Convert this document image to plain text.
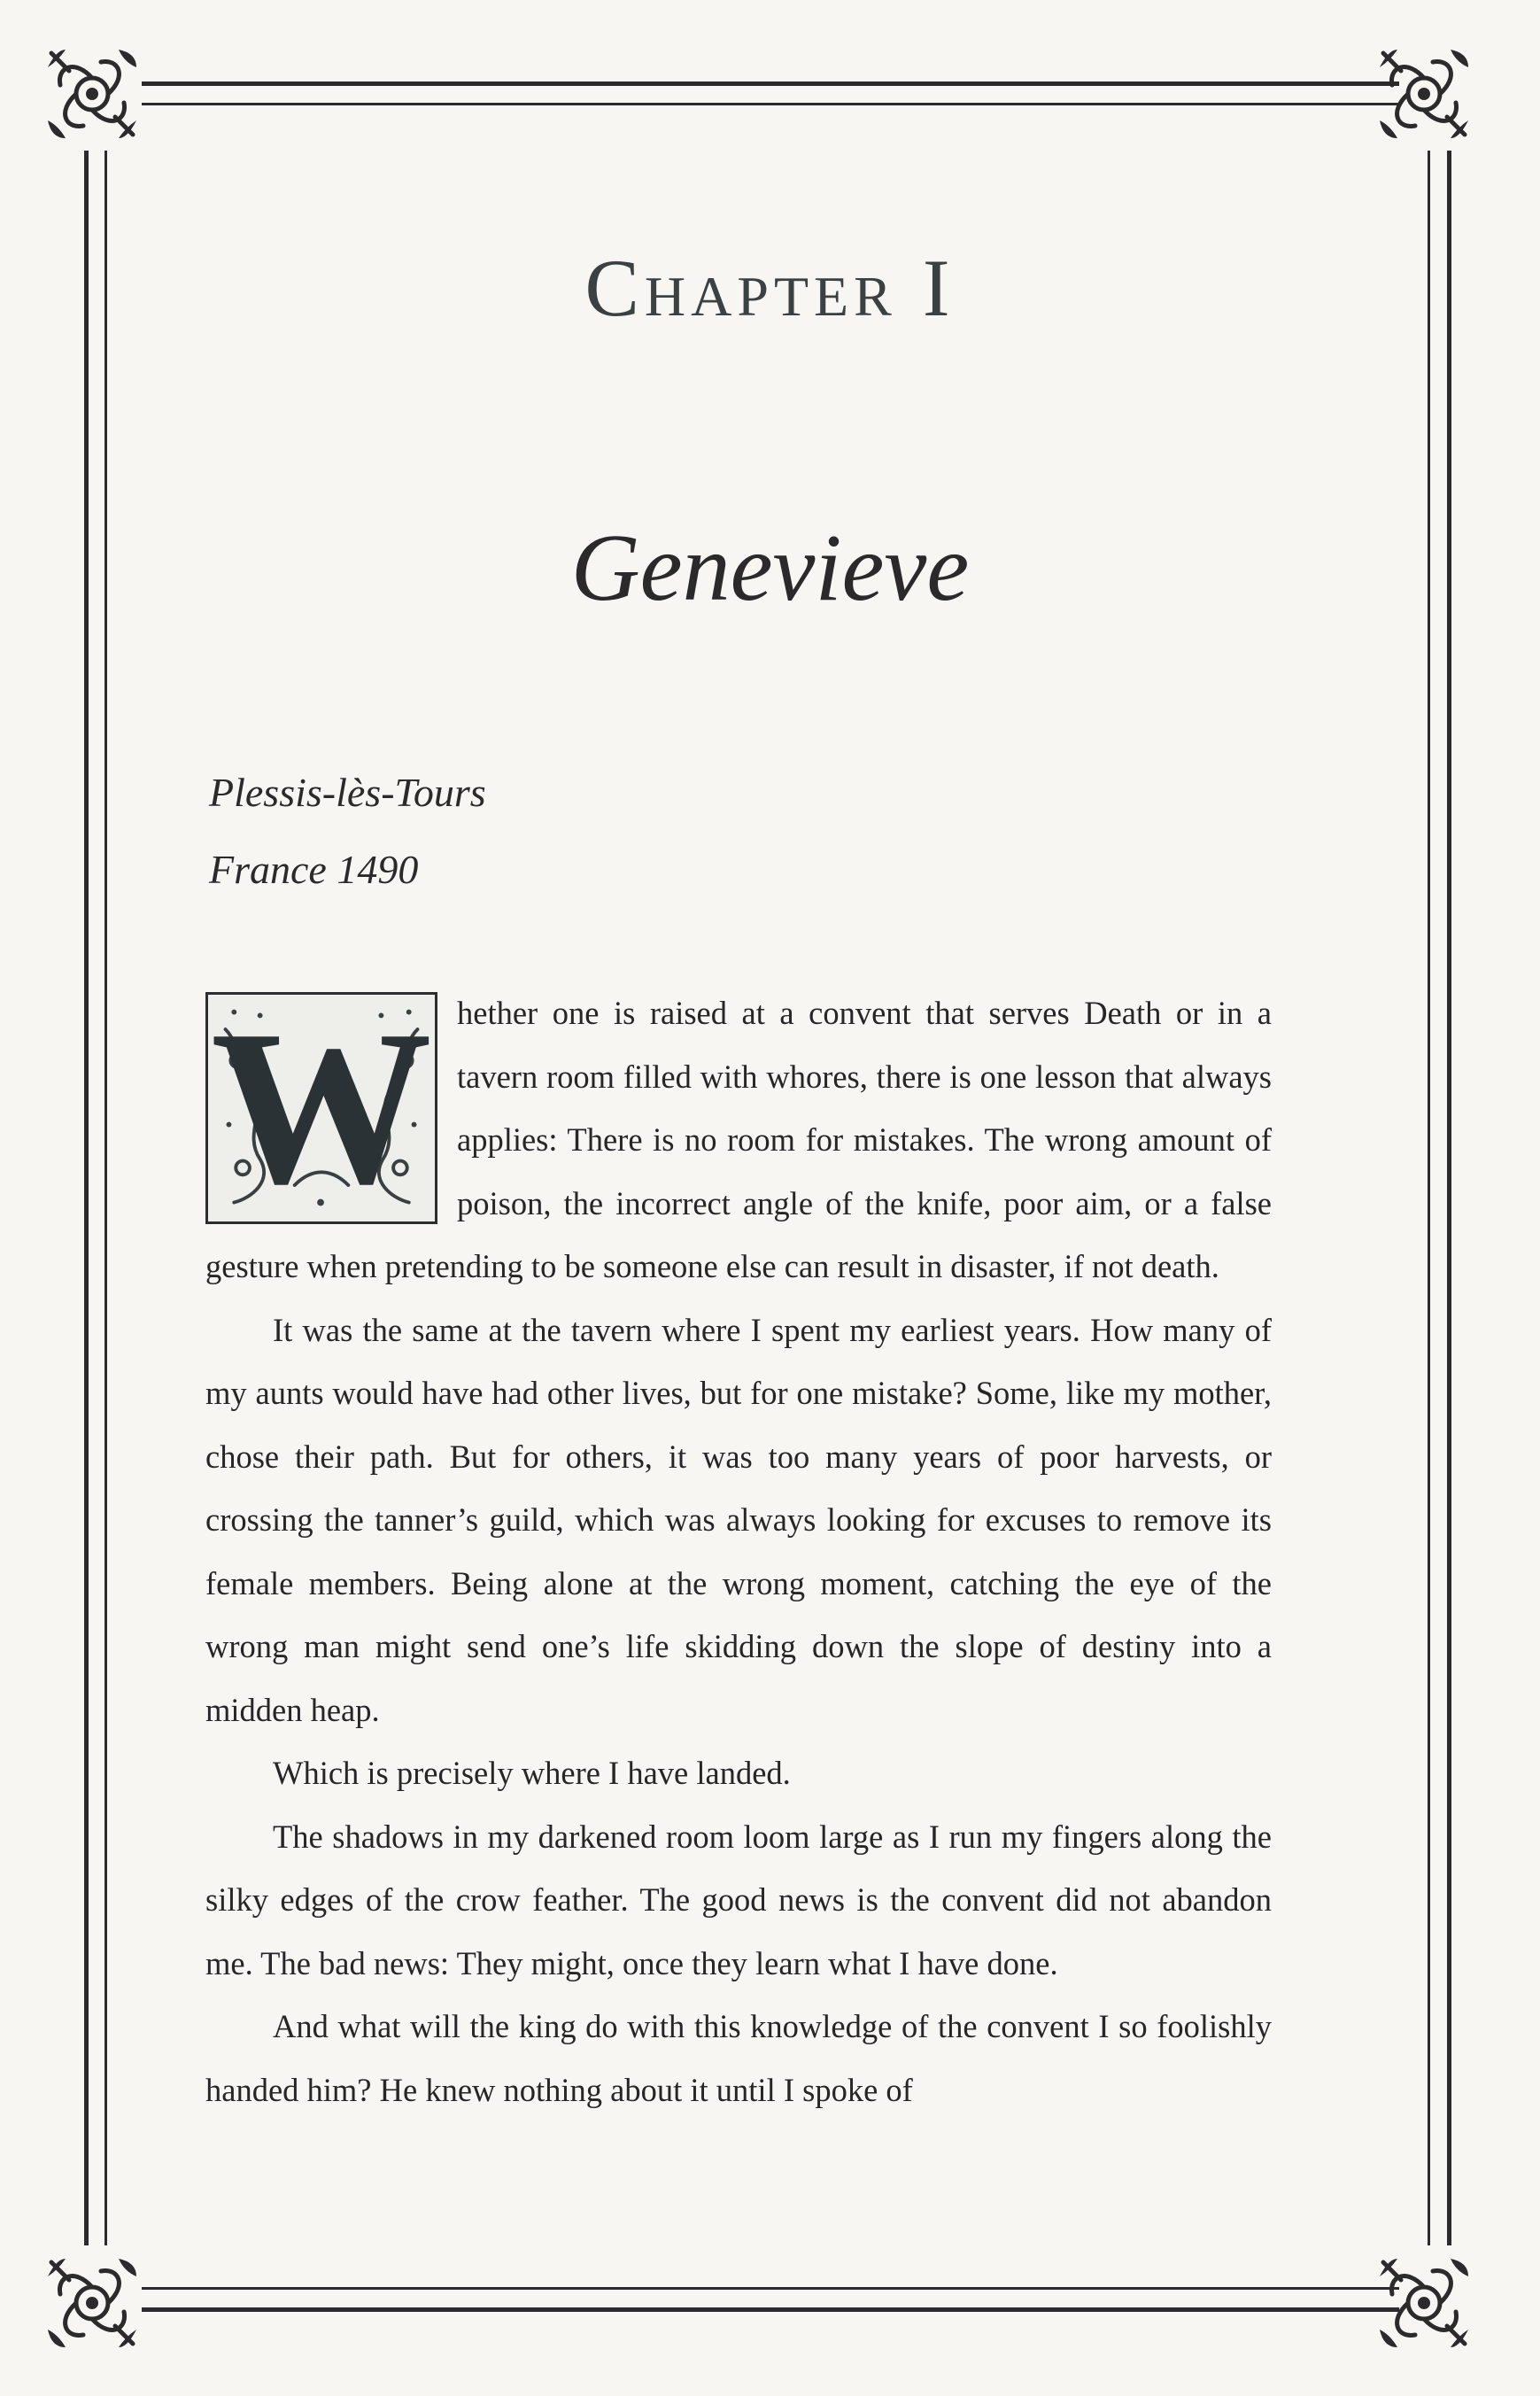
Chapter I
Genevieve

Plessis-lès-Tours

France 1490

W hether one is raised at a convent that serves Death or in a tavern room filled with whores, there is one lesson that always applies: There is no room for mistakes. The wrong amount of poison, the incorrect angle of the knife, poor aim, or a false gesture when pretending to be someone else can result in disaster, if not death.

It was the same at the tavern where I spent my earliest years. How many of my aunts would have had other lives, but for one mistake? Some, like my mother, chose their path. But for others, it was too many years of poor harvests, or crossing the tanner’s guild, which was always looking for excuses to remove its female members. Being alone at the wrong moment, catching the eye of the wrong man might send one’s life skidding down the slope of destiny into a midden heap.

Which is precisely where I have landed.

The shadows in my darkened room loom large as I run my fingers along the silky edges of the crow feather. The good news is the convent did not abandon me. The bad news: They might, once they learn what I have done.

And what will the king do with this knowledge of the convent I so foolishly handed him? He knew nothing about it until I spoke of
